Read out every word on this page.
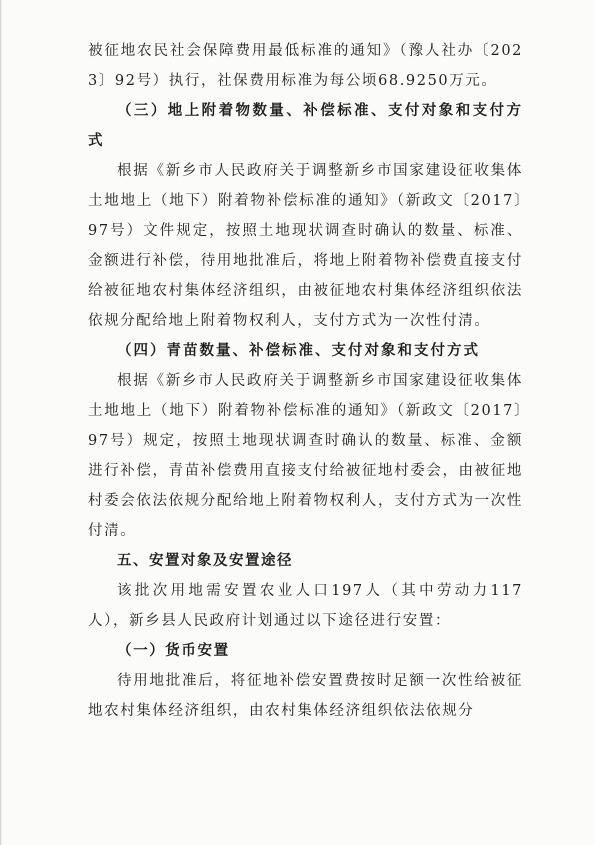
被征地农民社会保障费用最低标准的通知》（豫人社办〔2023〕92号）执行，社保费用标准为每公顷68.9250万元。

（三）地上附着物数量、补偿标准、支付对象和支付方式

根据《新乡市人民政府关于调整新乡市国家建设征收集体土地地上（地下）附着物补偿标准的通知》（新政文〔2017〕97号）文件规定，按照土地现状调查时确认的数量、标准、金额进行补偿，待用地批准后，将地上附着物补偿费直接支付给被征地农村集体经济组织，由被征地农村集体经济组织依法依规分配给地上附着物权利人，支付方式为一次性付清。

（四）青苗数量、补偿标准、支付对象和支付方式

根据《新乡市人民政府关于调整新乡市国家建设征收集体土地地上（地下）附着物补偿标准的通知》（新政文〔2017〕97号）规定，按照土地现状调查时确认的数量、标准、金额进行补偿，青苗补偿费用直接支付给被征地村委会，由被征地村委会依法依规分配给地上附着物权利人，支付方式为一次性付清。

五、安置对象及安置途径

该批次用地需安置农业人口197人（其中劳动力117人），新乡县人民政府计划通过以下途径进行安置：

（一）货币安置

待用地批准后，将征地补偿安置费按时足额一次性给被征地农村集体经济组织，由农村集体经济组织依法依规分
